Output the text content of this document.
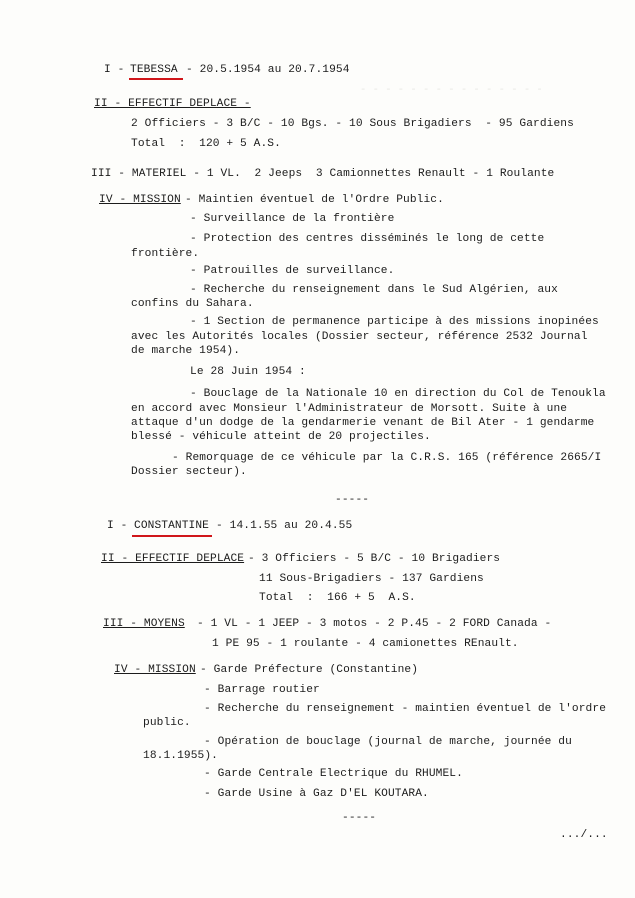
- - - - - - - - - - - - - - -
I - TEBESSA - 20.5.1954 au 20.7.1954
II - EFFECTIF DEPLACE -
2 Officiers - 3 B/C - 10 Bgs. - 10 Sous Brigadiers  - 95 Gardiens
Total  :  120 + 5 A.S.
III - MATERIEL - 1 VL.  2 Jeeps  3 Camionnettes Renault - 1 Roulante
IV - MISSION - Maintien éventuel de l'Ordre Public.
- Surveillance de la frontière
- Protection des centres disséminés le long de cette
frontière.
- Patrouilles de surveillance.
- Recherche du renseignement dans le Sud Algérien, aux
confins du Sahara.
- 1 Section de permanence participe à des missions inopinées
avec les Autorités locales (Dossier secteur, référence 2532 Journal
de marche 1954).
Le 28 Juin 1954 :
- Bouclage de la Nationale 10 en direction du Col de Tenoukla
en accord avec Monsieur l'Administrateur de Morsott. Suite à une
attaque d'un dodge de la gendarmerie venant de Bil Ater - 1 gendarme
blessé - véhicule atteint de 20 projectiles.
- Remorquage de ce véhicule par la C.R.S. 165 (référence 2665/I
Dossier secteur).
-----
I - CONSTANTINE - 14.1.55 au 20.4.55
II - EFFECTIF DEPLACE - 3 Officiers - 5 B/C - 10 Brigadiers
11 Sous-Brigadiers - 137 Gardiens
Total  :  166 + 5  A.S.
III - MOYENS - 1 VL - 1 JEEP - 3 motos - 2 P.45 - 2 FORD Canada -
1 PE 95 - 1 roulante - 4 camionettes REnault.
IV - MISSION - Garde Préfecture (Constantine)
- Barrage routier
- Recherche du renseignement - maintien éventuel de l'ordre
public.
- Opération de bouclage (journal de marche, journée du
18.1.1955).
- Garde Centrale Electrique du RHUMEL.
- Garde Usine à Gaz D'EL KOUTARA.
-----
.../...
